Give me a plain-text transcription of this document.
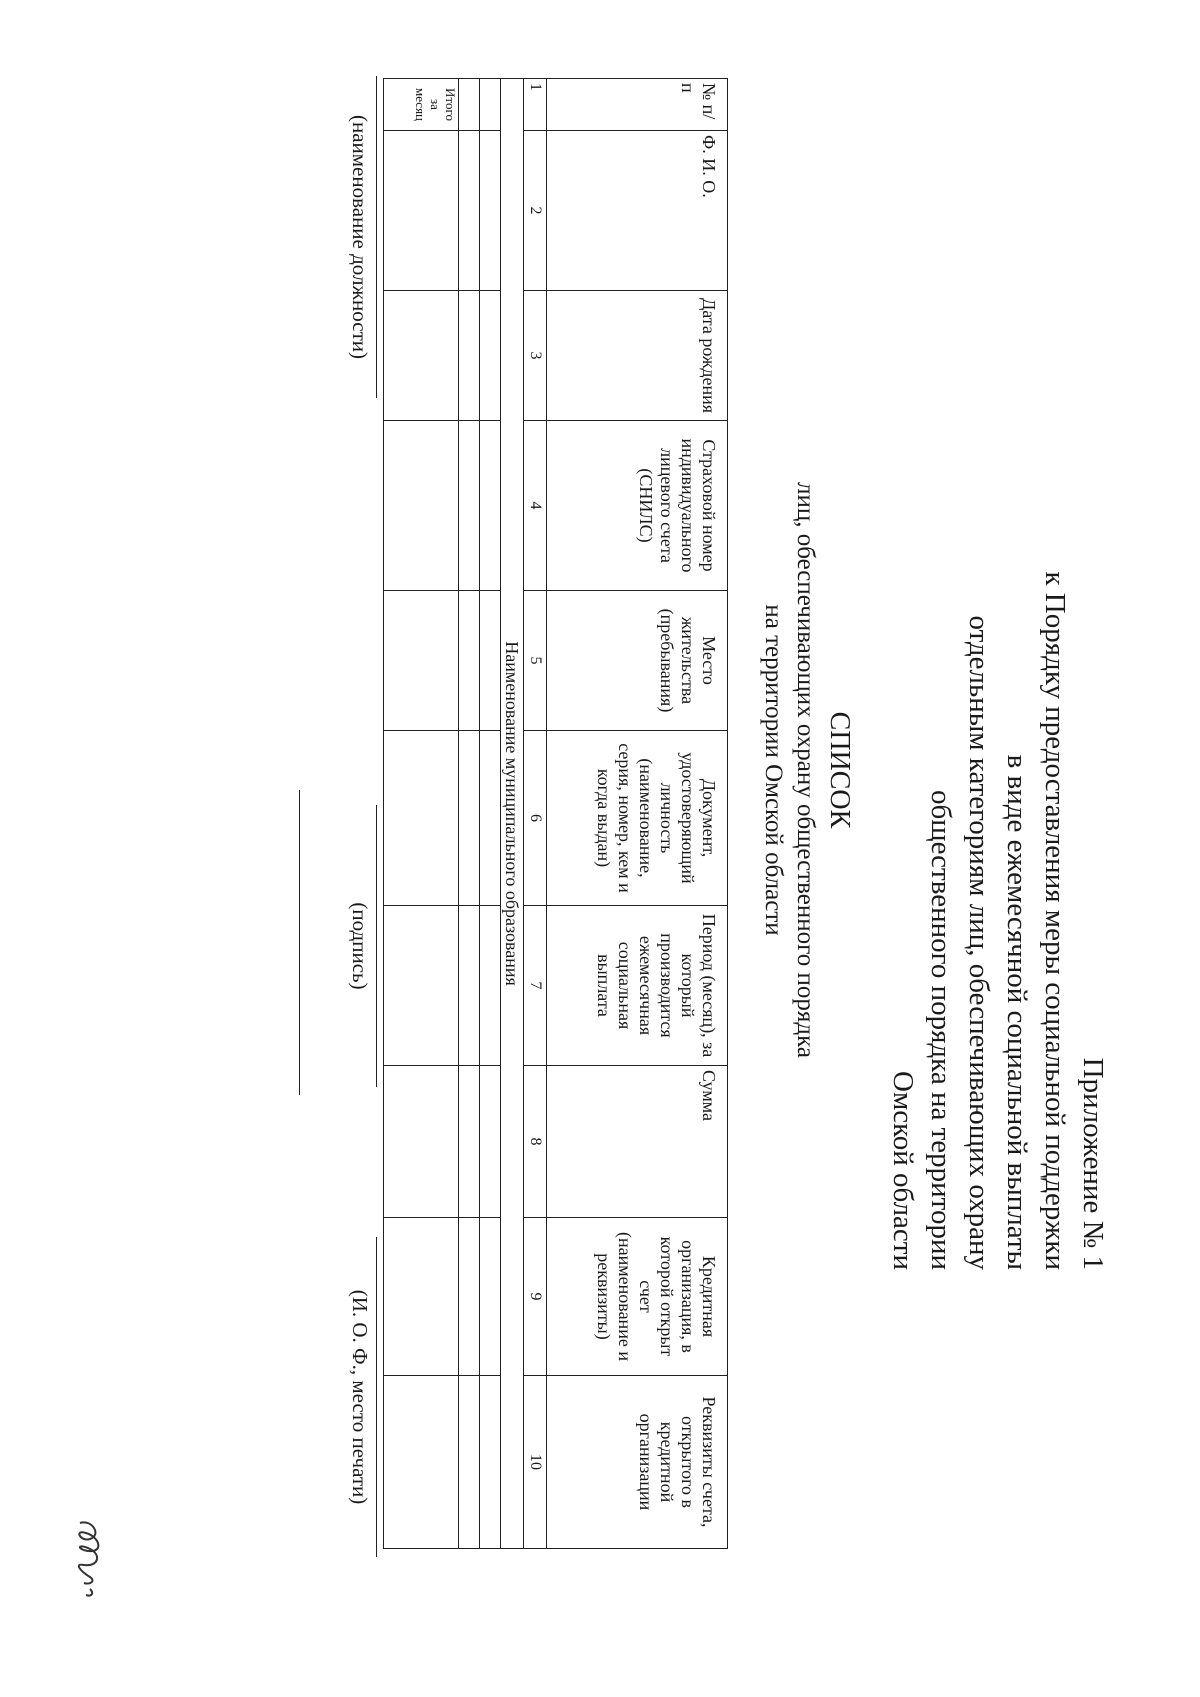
Приложение № 1
к Порядку предоставления меры социальной поддержки
в виде ежемесячной социальной выплаты
отдельным категориям лиц, обеспечивающих охрану
общественного порядка на территории
Омской области
СПИСОК
лиц, обеспечивающих охрану общественного порядка
на территории Омской области
№ п/п	Ф. И. О.	Дата рождения	Страховой номер индивидуального лицевого счета (СНИЛС)	Место жительства (пребывания)	Документ, удостоверяющий личность (наименование, серия, номер, кем и когда выдан)	Период (месяц), за который производится ежемесячная социальная выплата	Сумма	Кредитная организация, в которой открыт счет (наименование и реквизиты)	Реквизиты счета, открытого в кредитной организации
1	2	3	4	5	6	7	8	9	10
Наименование муниципального образования									

Итого за месяц									
(наименование должности)
(подпись)
(И. О. Ф., место печати)
